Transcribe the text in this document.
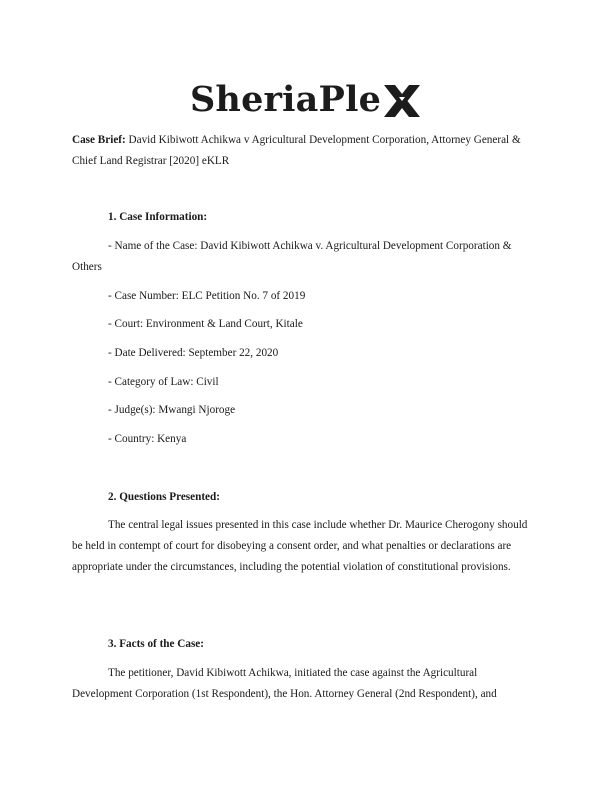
SheriaPle
Case Brief: David Kibiwott Achikwa v Agricultural Development Corporation, Attorney General & Chief Land Registrar [2020] eKLR
1. Case Information:
- Name of the Case: David Kibiwott Achikwa v. Agricultural Development Corporation & Others
- Case Number: ELC Petition No. 7 of 2019
- Court: Environment & Land Court, Kitale
- Date Delivered: September 22, 2020
- Category of Law: Civil
- Judge(s): Mwangi Njoroge
- Country: Kenya
2. Questions Presented:
The central legal issues presented in this case include whether Dr. Maurice Cherogony should be held in contempt of court for disobeying a consent order, and what penalties or declarations are appropriate under the circumstances, including the potential violation of constitutional provisions.
3. Facts of the Case:
The petitioner, David Kibiwott Achikwa, initiated the case against the Agricultural Development Corporation (1st Respondent), the Hon. Attorney General (2nd Respondent), and
